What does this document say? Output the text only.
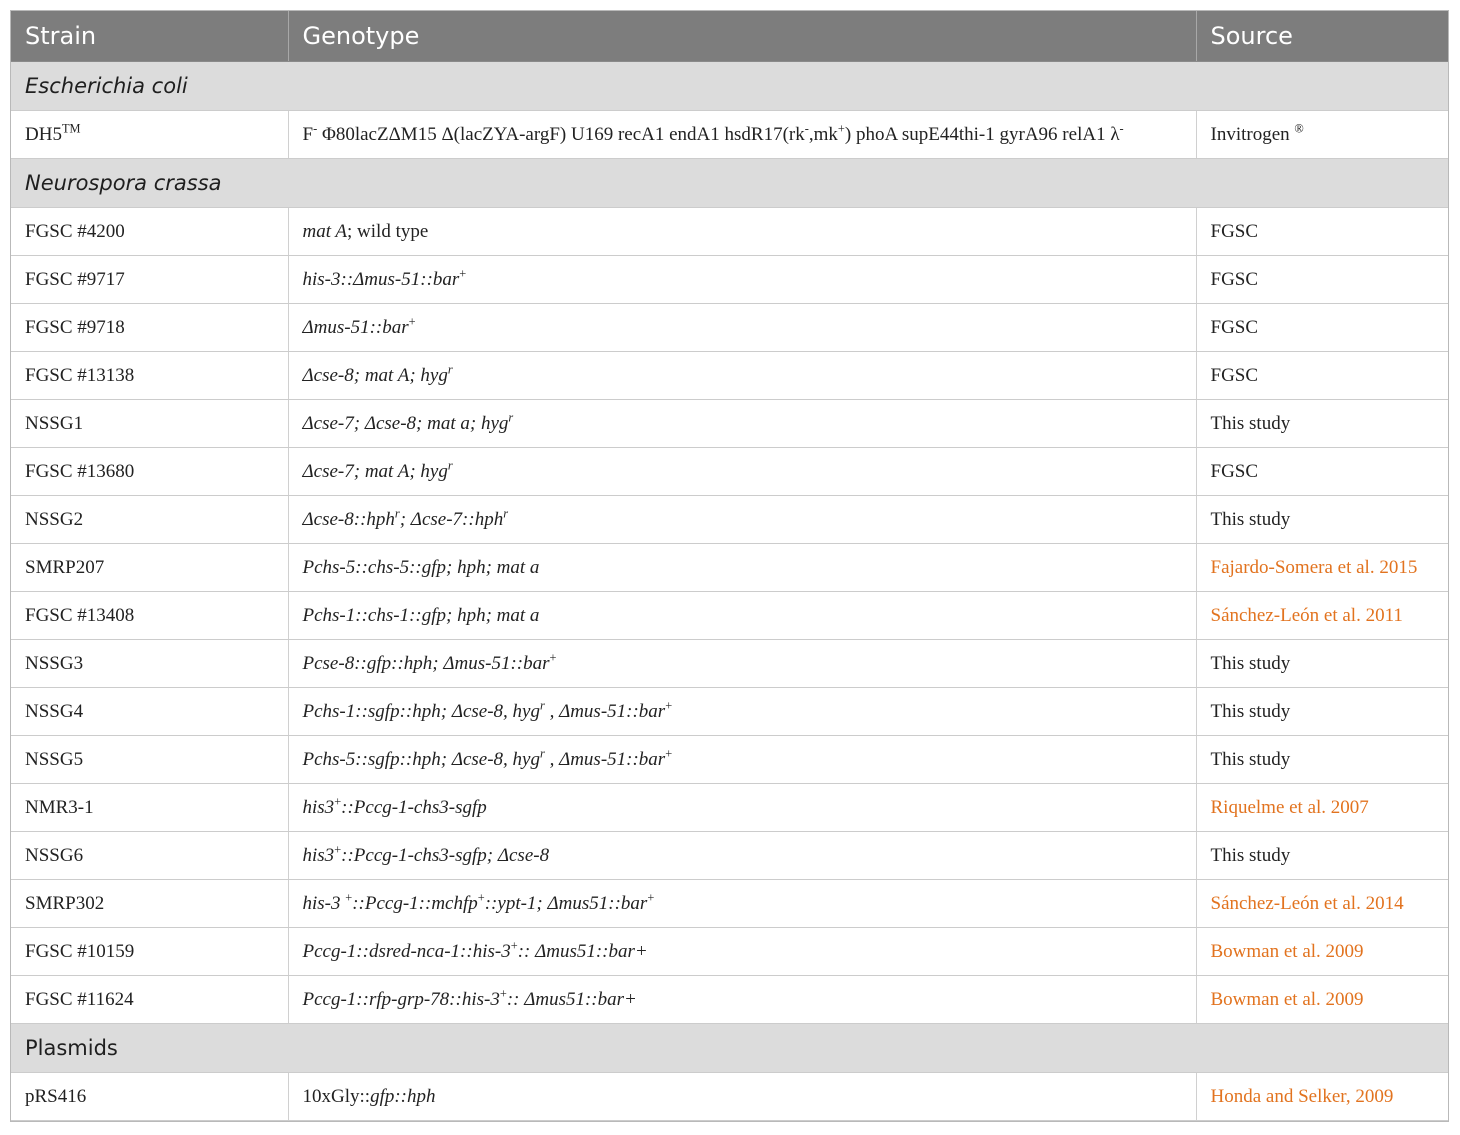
Strain	Genotype	Source
Escherichia coli		
DH5™	F- Φ80lacZΔM15 Δ(lacZYA-argF) U169 recA1 endA1 hsdR17(rk-,mk+) phoA supE44thi-1 gyrA96 relA1 λ-	Invitrogen ®
Neurospora crassa		
FGSC #4200	mat A; wild type	FGSC
FGSC #9717	his-3::Δmus-51::bar+	FGSC
FGSC #9718	Δmus-51::bar+	FGSC
FGSC #13138	Δcse-8; mat A; hyg$^r$	FGSC
NSSG1	Δcse-7; Δcse-8; mat a; hyg$^r$	This study
FGSC #13680	Δcse-7; mat A; hyg$^r$	FGSC
NSSG2	Δcse-8::hph$^r$; Δcse-7::hph$^r$	This study
SMRP207	Pchs-5::chs-5::gfp; hph; mat a	Fajardo-Somera et al. 2015
FGSC #13408	Pchs-1::chs-1::gfp; hph; mat a	Sánchez-León et al. 2011
NSSG3	Pcse-8::gfp::hph; Δmus-51::bar+	This study
NSSG4	Pchs-1::sgfp::hph; Δcse-8, hyg$^r$ , Δmus-51::bar+	This study
NSSG5	Pchs-5::sgfp::hph; Δcse-8, hyg$^r$ , Δmus-51::bar+	This study
NMR3-1	his3+::Pccg-1-chs3-sgfp	Riquelme et al. 2007
NSSG6	his3+::Pccg-1-chs3-sgfp; Δcse-8	This study
SMRP302	his-3 +::Pccg-1::mchfp+::ypt-1; Δmus51::bar+	Sánchez-León et al. 2014
FGSC #10159	Pccg-1::dsred-nca-1::his-3+:: Δmus51::bar+	Bowman et al. 2009
FGSC #11624	Pccg-1::rfp-grp-78::his-3+:: Δmus51::bar+	Bowman et al. 2009
Plasmids		
pRS416	10xGly::gfp::hph	Honda and Selker, 2009
